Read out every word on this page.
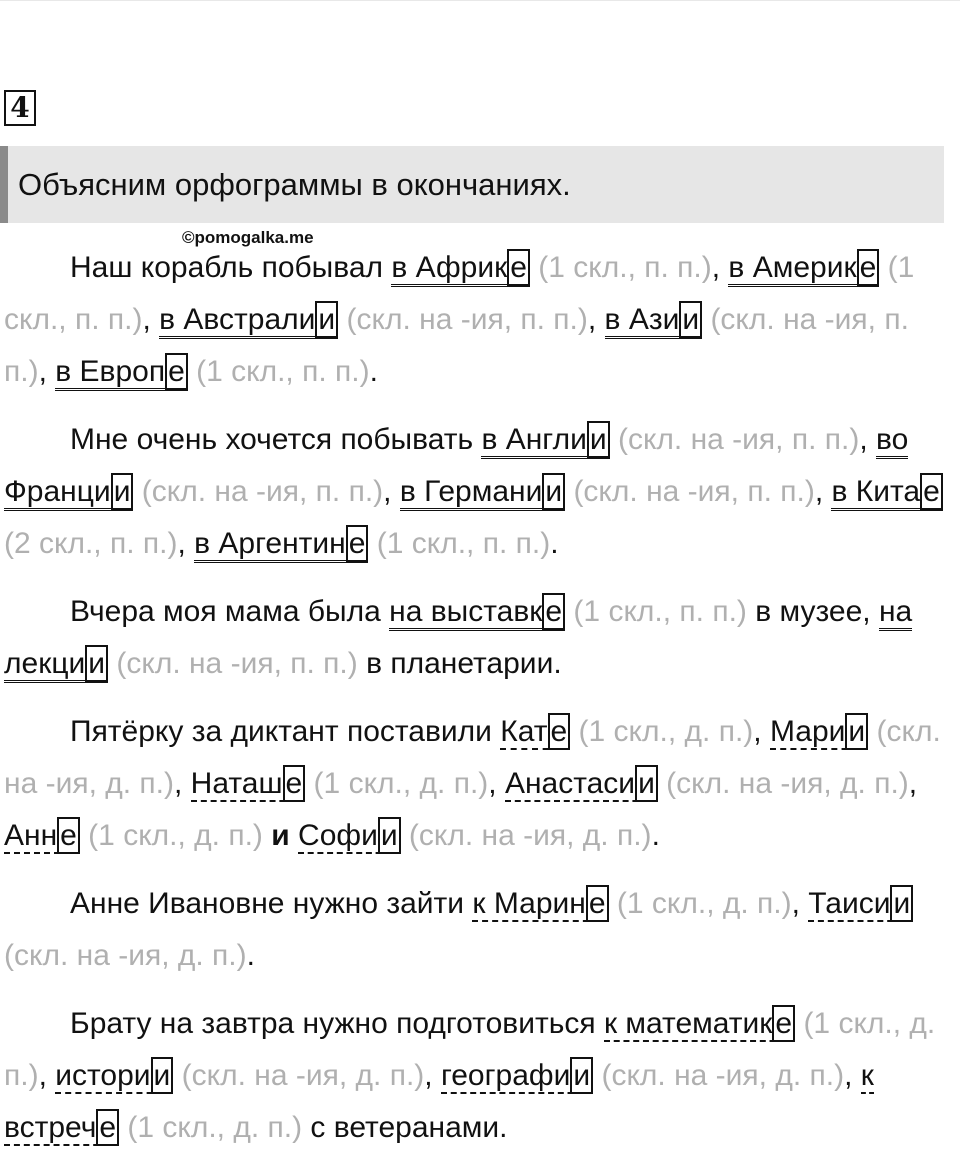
4
Объясним орфограммы в окончаниях.
©pomogalka.me

Наш корабль побывал в Африк е (1 скл., п. п.), в Америк е (1 скл., п. п.), в Австрали и (скл. на -ия, п. п.), в Ази и (скл. на -ия, п. п.), в Европ е (1 скл., п. п.).

Мне очень хочется побывать в Англи и (скл. на -ия, п. п.), во Франци и (скл. на -ия, п. п.), в Германи и (скл. на -ия, п. п.), в Кита е (2 скл., п. п.), в Аргентин е (1 скл., п. п.).

Вчера моя мама была на выставк е (1 скл., п. п.) в музее, на лекци и (скл. на -ия, п. п.) в планетарии.

Пятёрку за диктант поставили Кат е (1 скл., д. п.), Мари и (скл. на -ия, д. п.), Наташ е (1 скл., д. п.), Анастаси и (скл. на -ия, д. п.), Анн е (1 скл., д. п.) и Софи и (скл. на -ия, д. п.).

Анне Ивановне нужно зайти к Марин е (1 скл., д. п.), Таиси и (скл. на -ия, д. п.).

Брату на завтра нужно подготовиться к математик е (1 скл., д. п.), истори и (скл. на -ия, д. п.), географи и (скл. на -ия, д. п.), к встреч е (1 скл., д. п.) с ветеранами.
